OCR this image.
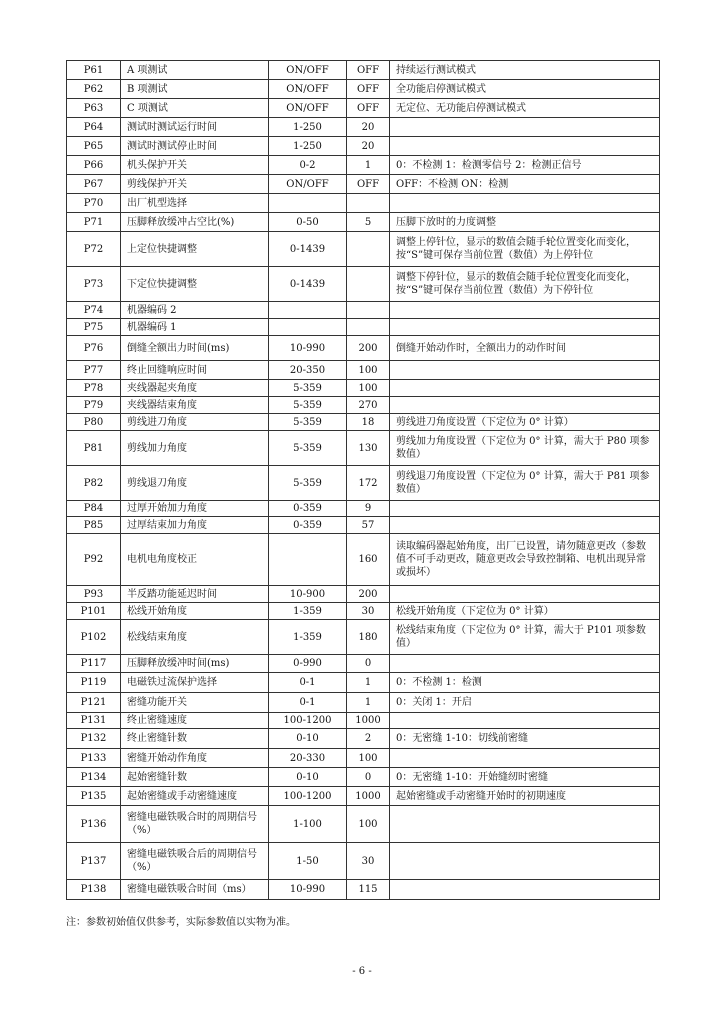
P61	A 项测试	ON/OFF	OFF	持续运行测试模式
P62	B 项测试	ON/OFF	OFF	全功能启停测试模式
P63	C 项测试	ON/OFF	OFF	无定位、无功能启停测试模式
P64	测试时测试运行时间	1-250	20	
P65	测试时测试停止时间	1-250	20	
P66	机头保护开关	0-2	1	0：不检测 1：检测零信号 2：检测正信号
P67	剪线保护开关	ON/OFF	OFF	OFF：不检测 ON：检测
P70	出厂机型选择			
P71	压脚释放缓冲占空比(%)	0-50	5	压脚下放时的力度调整
P72	上定位快捷调整	0-1439		调整上停针位，显示的数值会随手轮位置变化而变化，按“S”键可保存当前位置（数值）为上停针位
P73	下定位快捷调整	0-1439		调整下停针位，显示的数值会随手轮位置变化而变化，按“S”键可保存当前位置（数值）为下停针位
P74	机器编码 2			
P75	机器编码 1			
P76	倒缝全额出力时间(ms)	10-990	200	倒缝开始动作时，全额出力的动作时间
P77	终止回缝响应时间	20-350	100	
P78	夹线器起夹角度	5-359	100	
P79	夹线器结束角度	5-359	270	
P80	剪线进刀角度	5-359	18	剪线进刀角度设置（下定位为 0° 计算）
P81	剪线加力角度	5-359	130	剪线加力角度设置（下定位为 0° 计算，需大于 P80 项参数值）
P82	剪线退刀角度	5-359	172	剪线退刀角度设置（下定位为 0° 计算，需大于 P81 项参数值）
P84	过厚开始加力角度	0-359	9	
P85	过厚结束加力角度	0-359	57	
P92	电机电角度校正		160	读取编码器起始角度，出厂已设置，请勿随意更改（参数值不可手动更改，随意更改会导致控制箱、电机出现异常或损坏）
P93	半反踏功能延迟时间	10-900	200	
P101	松线开始角度	1-359	30	松线开始角度（下定位为 0° 计算）
P102	松线结束角度	1-359	180	松线结束角度（下定位为 0° 计算，需大于 P101 项参数值）
P117	压脚释放缓冲时间(ms)	0-990	0	
P119	电磁铁过流保护选择	0-1	1	0：不检测 1：检测
P121	密缝功能开关	0-1	1	0：关闭 1：开启
P131	终止密缝速度	100-1200	1000	
P132	终止密缝针数	0-10	2	0：无密缝 1-10：切线前密缝
P133	密缝开始动作角度	20-330	100	
P134	起始密缝针数	0-10	0	0：无密缝 1-10：开始缝纫时密缝
P135	起始密缝或手动密缝速度	100-1200	1000	起始密缝或手动密缝开始时的初期速度
P136	密缝电磁铁吸合时的周期信号（%）	1-100	100	
P137	密缝电磁铁吸合后的周期信号（%）	1-50	30	
P138	密缝电磁铁吸合时间（ms）	10-990	115	
注：参数初始值仅供参考，实际参数值以实物为准。
- 6 -
